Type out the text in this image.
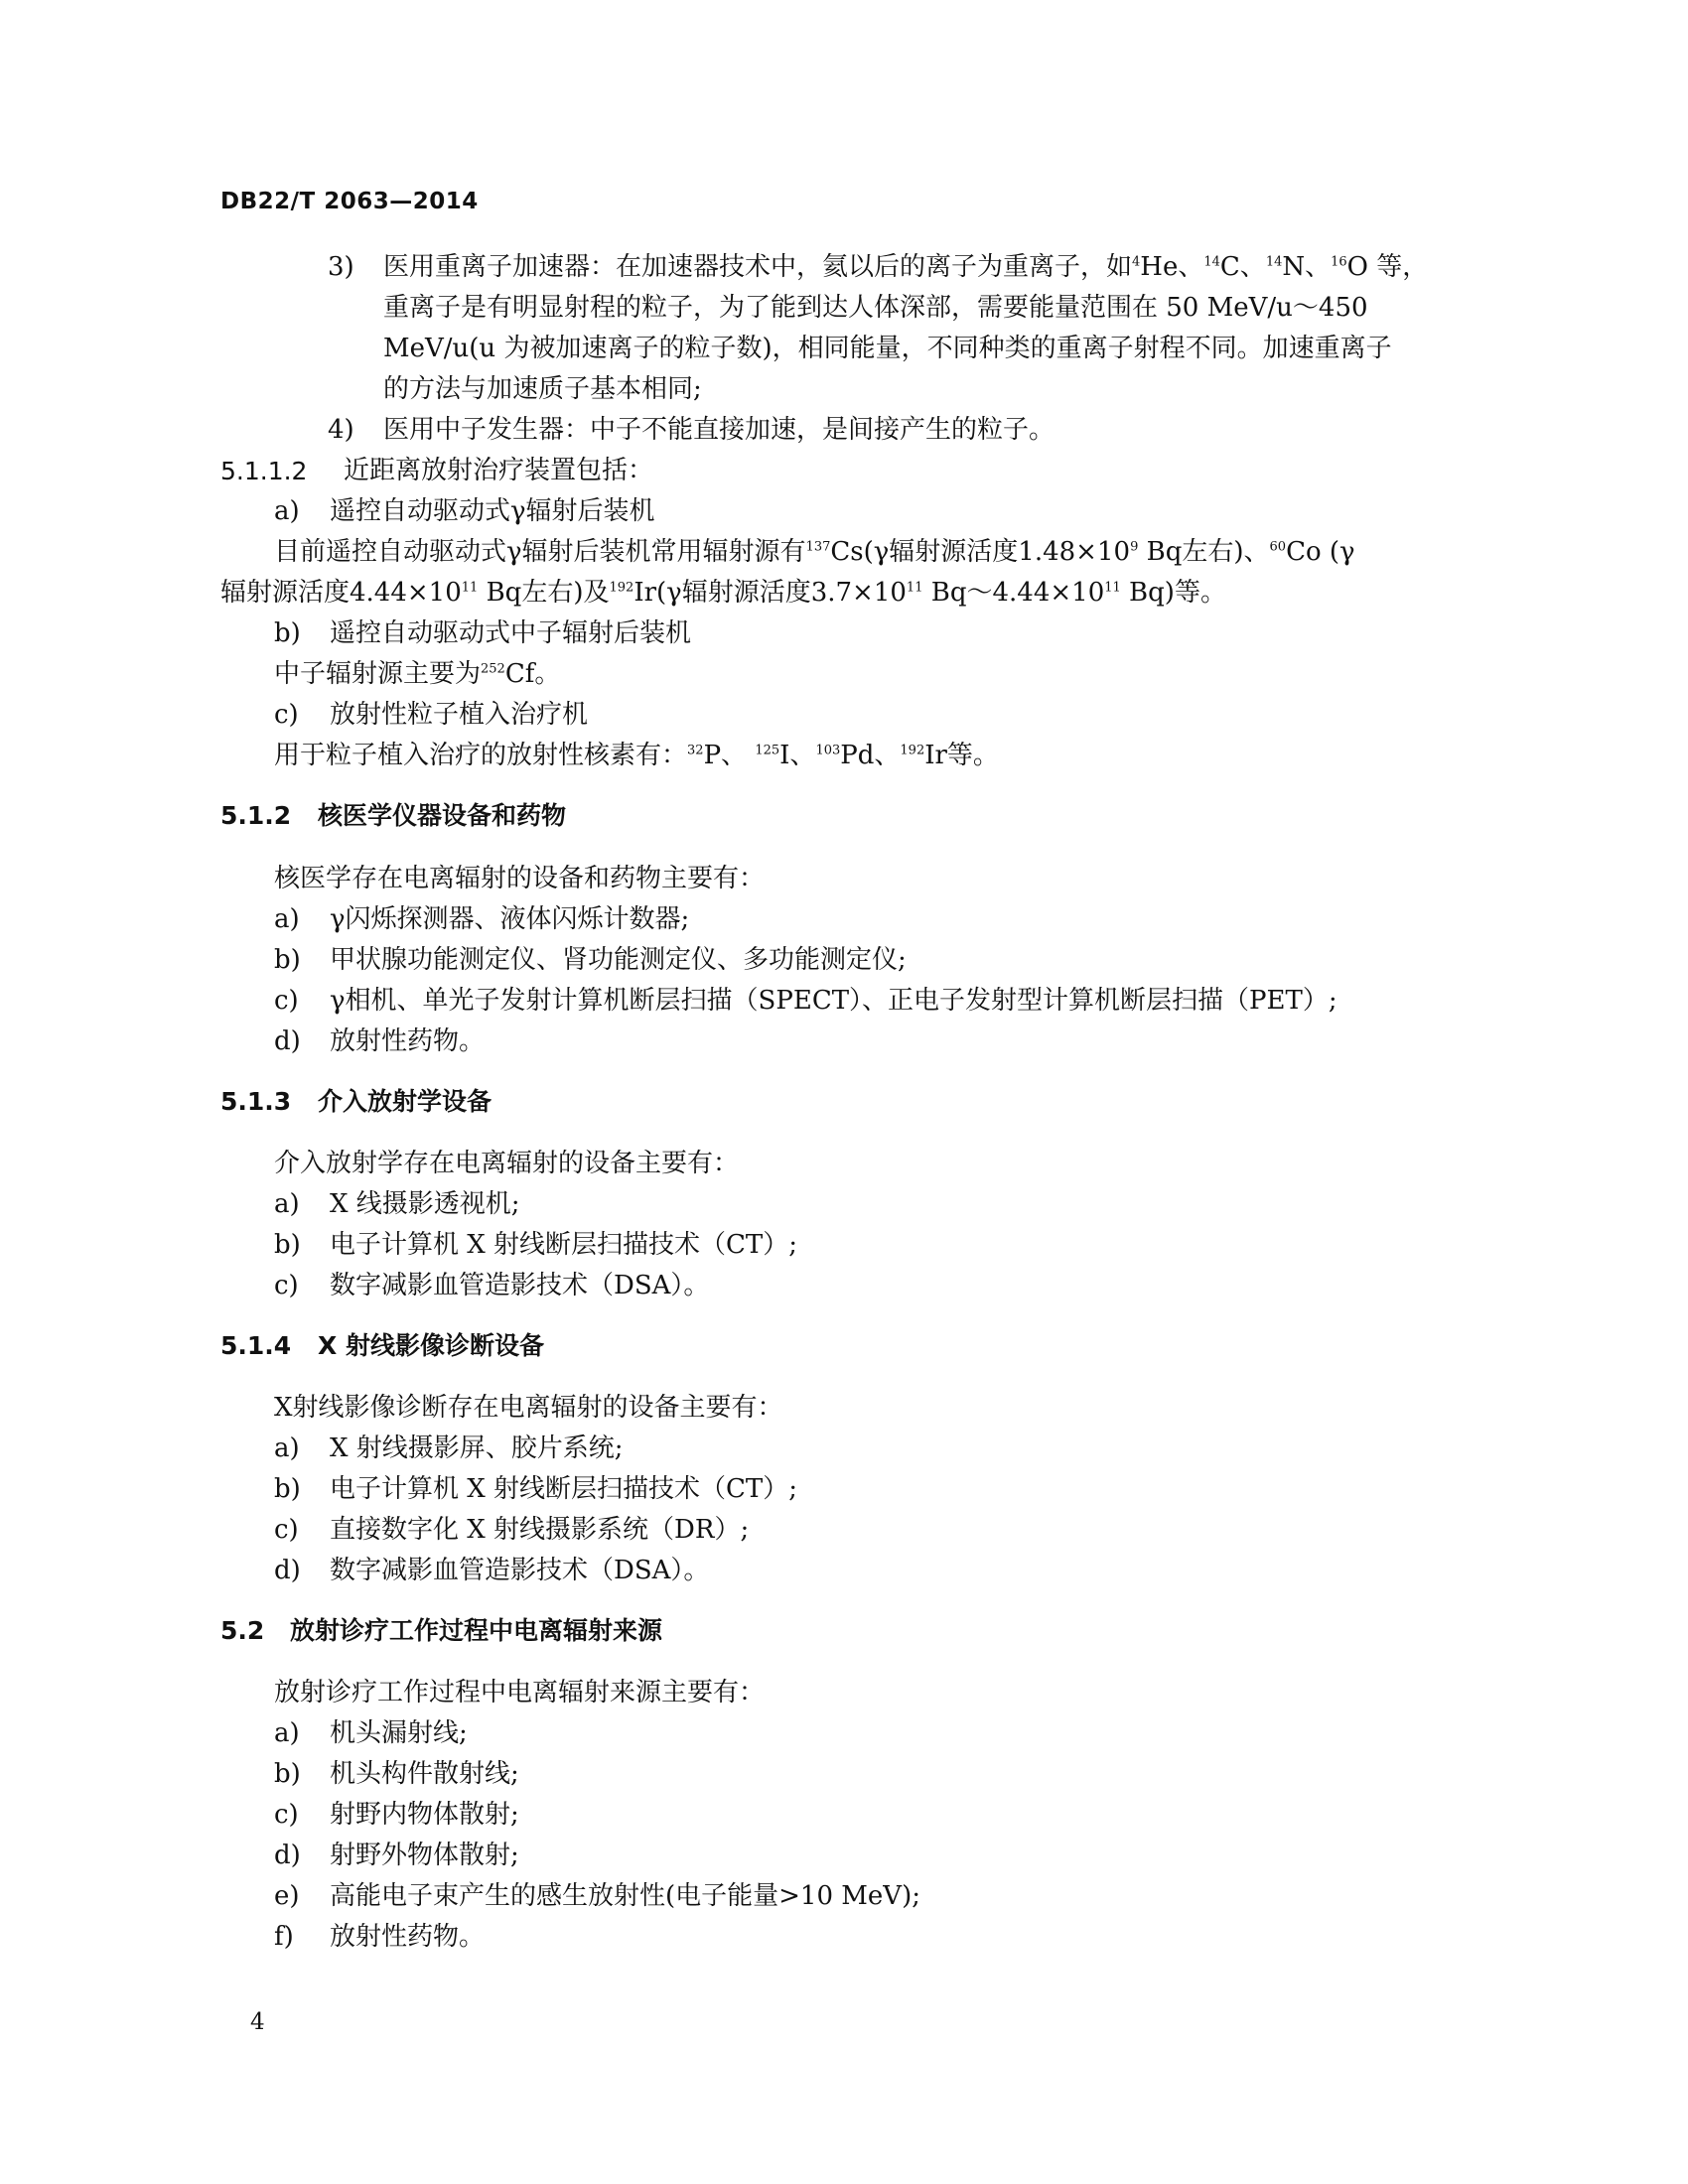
DB22/T 2063—2014
3) 医用重离子加速器：在加速器技术中，氦以后的离子为重离子，如$^4$He、$^{14}$C、$^{14}$N、$^{16}$O 等，
重离子是有明显射程的粒子，为了能到达人体深部，需要能量范围在 50 MeV/u～450
MeV/u(u 为被加速离子的粒子数)，相同能量，不同种类的重离子射程不同。加速重离子
的方法与加速质子基本相同;
4) 医用中子发生器：中子不能直接加速，是间接产生的粒子。
5.1.1.2 近距离放射治疗装置包括：
a) 遥控自动驱动式γ辐射后装机
目前遥控自动驱动式γ辐射后装机常用辐射源有$^{137}$Cs(γ辐射源活度$1.48\times 10^9$ Bq左右)、$^{60}$Co (γ
辐射源活度$4.44\times 10^{11}$ Bq左右)及$^{192}$Ir(γ辐射源活度$3.7\times 10^{11}$ $Bq\sim 4.44\times 10^{11}$ Bq)等。
b) 遥控自动驱动式中子辐射后装机
中子辐射源主要为$^{252}$Cf。
c) 放射性粒子植入治疗机
用于粒子植入治疗的放射性核素有：$^{32}$P、 $^{125}$I、$^{103}$Pd、$^{192}$Ir等。
5.1.2 核医学仪器设备和药物
核医学存在电离辐射的设备和药物主要有：
a) γ闪烁探测器、液体闪烁计数器;
b) 甲状腺功能测定仪、肾功能测定仪、多功能测定仪;
c) γ相机、单光子发射计算机断层扫描（SPECT）、正电子发射型计算机断层扫描（PET）;
d) 放射性药物。
5.1.3 介入放射学设备
介入放射学存在电离辐射的设备主要有：
a) X 线摄影透视机;
b) 电子计算机 X 射线断层扫描技术（CT）;
c) 数字减影血管造影技术（DSA）。
5.1.4 X 射线影像诊断设备
X射线影像诊断存在电离辐射的设备主要有：
a) X 射线摄影屏、胶片系统;
b) 电子计算机 X 射线断层扫描技术（CT）;
c) 直接数字化 X 射线摄影系统（DR）;
d) 数字减影血管造影技术（DSA）。
5.2 放射诊疗工作过程中电离辐射来源
放射诊疗工作过程中电离辐射来源主要有：
a) 机头漏射线;
b) 机头构件散射线;
c) 射野内物体散射;
d) 射野外物体散射;
e) 高能电子束产生的感生放射性(电子能量>10 MeV);
f) 放射性药物。
4
